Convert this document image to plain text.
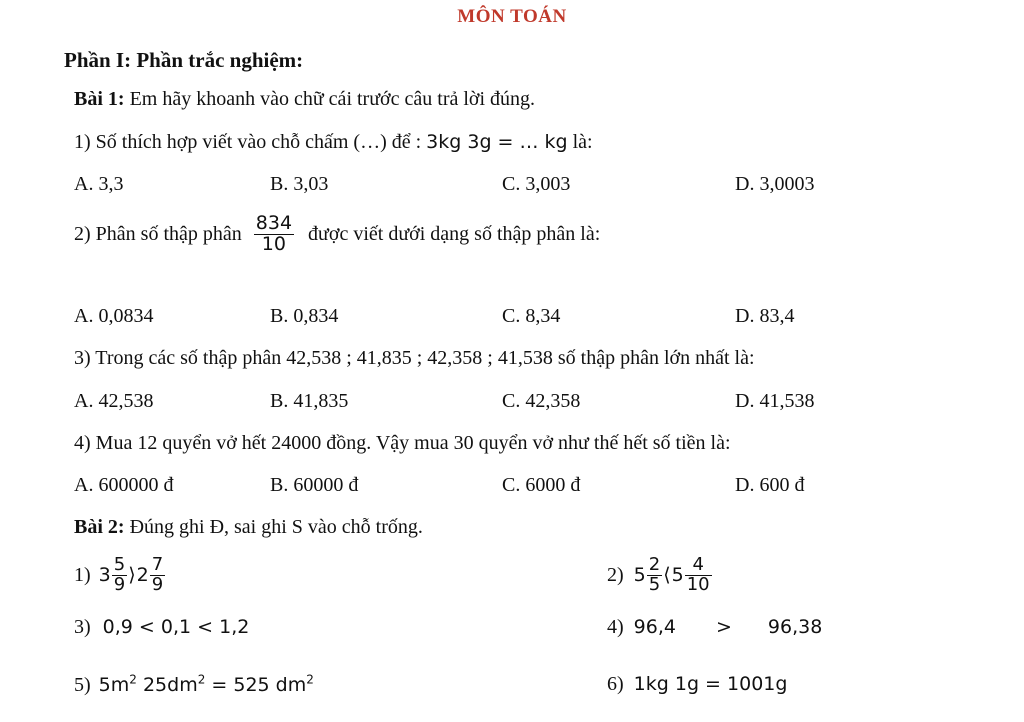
MÔN TOÁN
Phần I: Phần trắc nghiệm:
Bài 1: Em hãy khoanh vào chữ cái trước câu trả lời đúng.
1) Số thích hợp viết vào chỗ chấm (…) để : 3kg 3g = … kg là:
A. 3,3	B. 3,03	C. 3,003	D. 3,0003
2) Phân số thập phân $\frac{834}{10}$ được viết dưới dạng số thập phân là:
A. 0,0834	B. 0,834	C. 8,34	D. 83,4
3) Trong các số thập phân 42,538 ; 41,835 ; 42,358 ; 41,538 số thập phân lớn nhất là:
A. 42,538	B. 41,835	C. 42,358	D. 41,538
4) Mua 12 quyển vở hết 24000 đồng. Vậy mua 30 quyển vở như thế hết số tiền là:
A. 600000 đ	B. 60000 đ	C. 6000 đ	D. 600 đ
Bài 2: Đúng ghi Đ, sai ghi S vào chỗ trống.
1) $3 \frac{5}{9}$ ⟩ $2 \frac{7}{9}$	2) $5 \frac{2}{5}$ ⟨ $5 \frac{4}{10}$
3) 0,9 < 0,1 < 1,2	4) 96,4 > 96,38
5) $5m^2$ $25dm^2 = 525$ $dm^2$	6) 1kg 1g = 1001g
